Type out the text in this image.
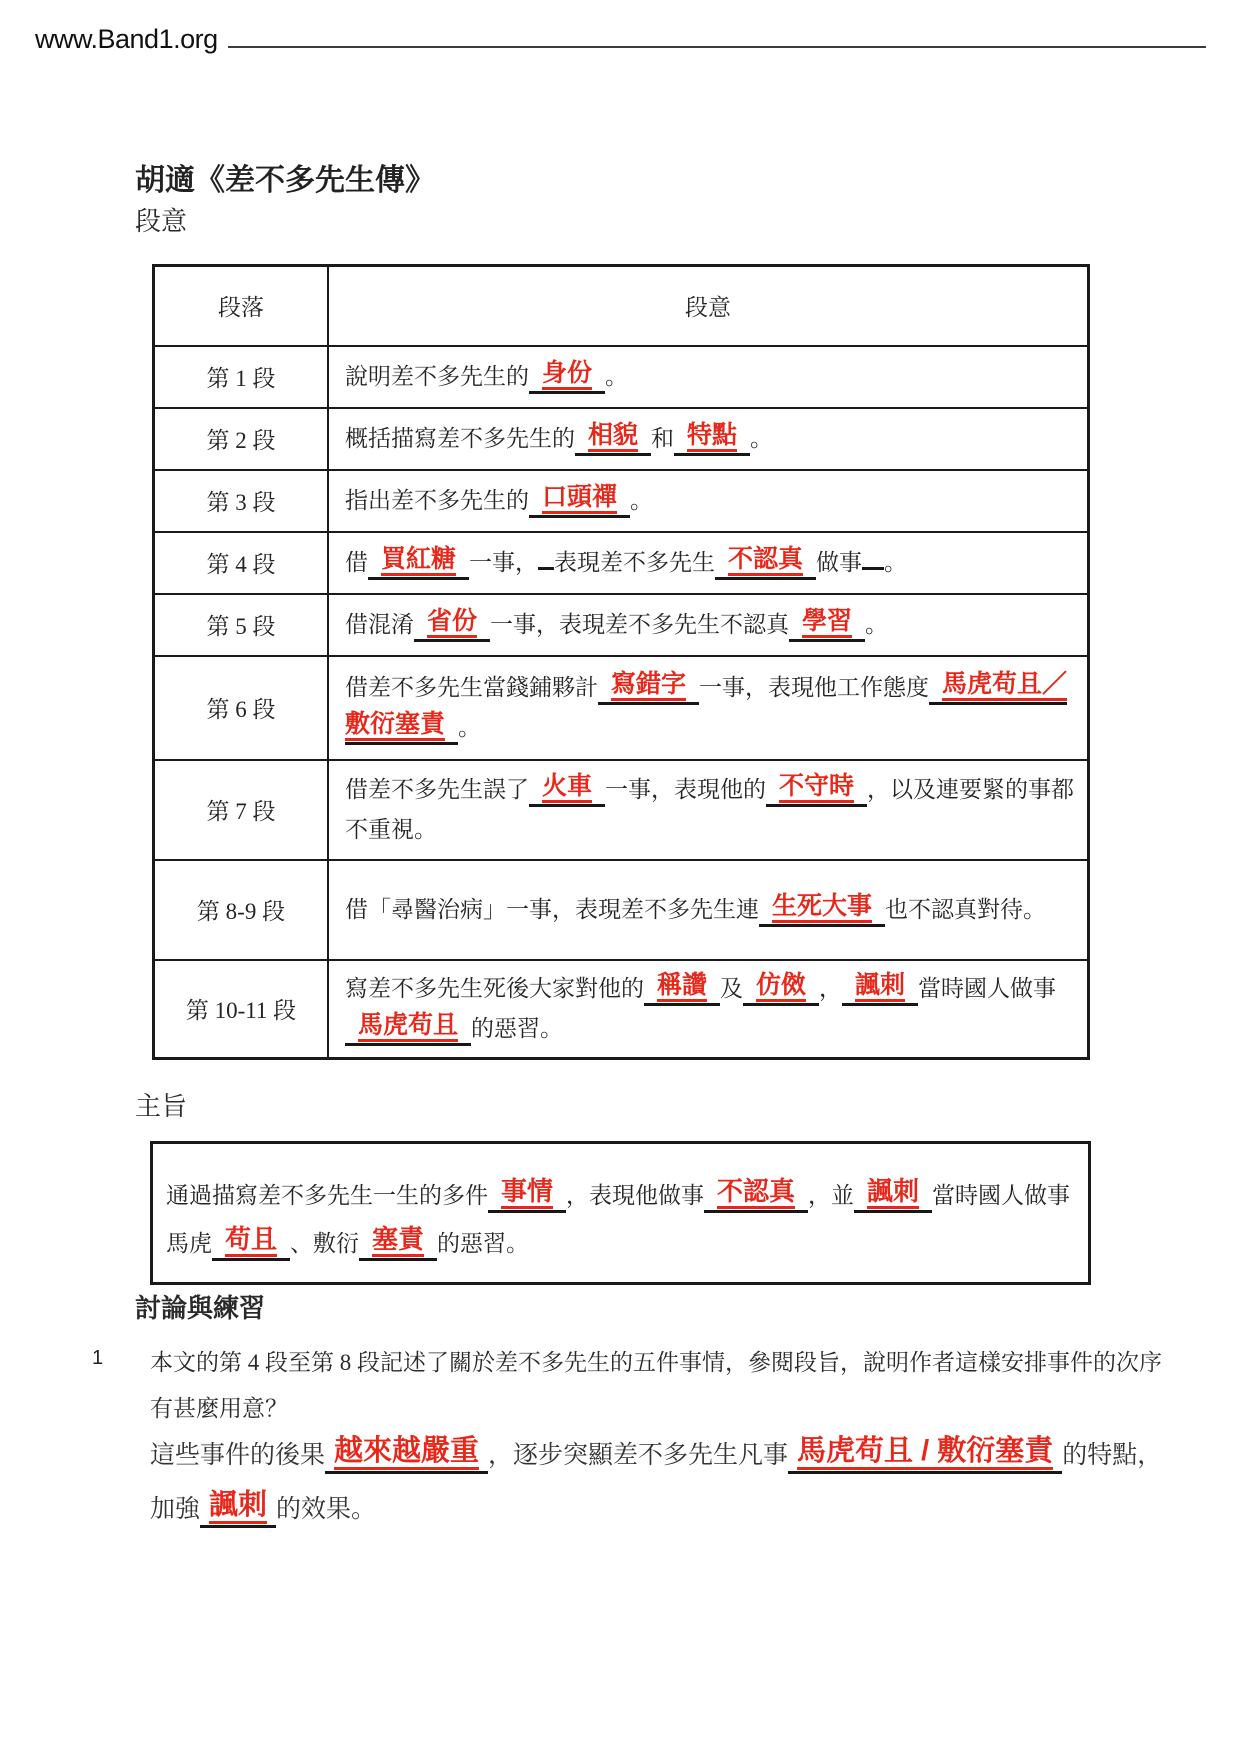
www.Band1.org
胡適《差不多先生傳》
段意
段落	段意
第 1 段	說明差不多先生的 身份 。
第 2 段	概括描寫差不多先生的 相貌 和 特點 。
第 3 段	指出差不多先生的 口頭禪 。
第 4 段	借 買紅糖 一事， 表現差不多先生 不認真 做事 。
第 5 段	借混淆 省份 一事，表現差不多先生不認真 學習 。
第 6 段	借差不多先生當錢鋪夥計 寫錯字 一事，表現他工作態度 馬虎苟且／敷衍塞責 。
第 7 段	借差不多先生誤了 火車 一事，表現他的 不守時 ，以及連要緊的事都不重視。
第 8-9 段	借「尋醫治病」一事，表現差不多先生連 生死大事 也不認真對待。
第 10-11 段	寫差不多先生死後大家對他的 稱讚 及 仿傚 ， 諷刺 當時國人做事馬虎苟且 的惡習。
主旨
通過描寫差不多先生一生的多件 事情 ，表現他做事 不認真 ，並 諷刺 當時國人做事馬虎 苟且 、敷衍 塞責 的惡習。
討論與練習
1 本文的第 4 段至第 8 段記述了關於差不多先生的五件事情，參閱段旨，說明作者這樣安排事件的次序有甚麼用意？
這些事件的後果 越來越嚴重 ，逐步突顯差不多先生凡事 馬虎苟且 / 敷衍塞責 的特點，加強 諷刺 的效果。
